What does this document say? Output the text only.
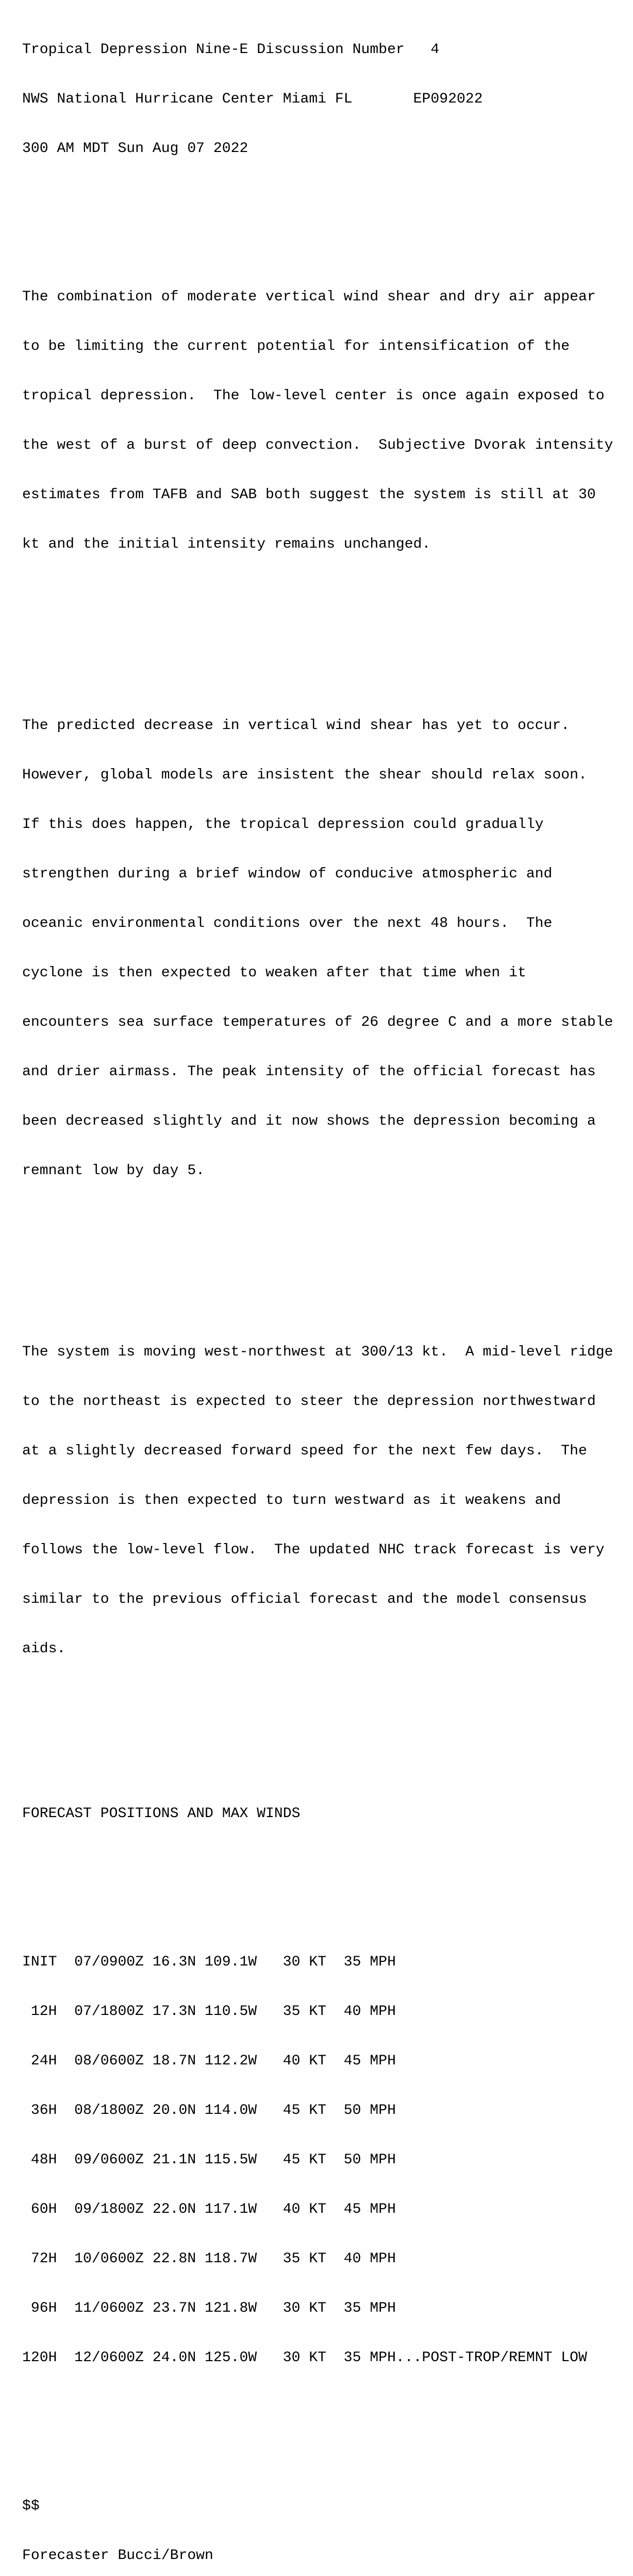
Tropical Depression Nine-E Discussion Number   4

NWS National Hurricane Center Miami FL       EP092022

300 AM MDT Sun Aug 07 2022

The combination of moderate vertical wind shear and dry air appear

to be limiting the current potential for intensification of the

tropical depression.  The low-level center is once again exposed to

the west of a burst of deep convection.  Subjective Dvorak intensity

estimates from TAFB and SAB both suggest the system is still at 30

kt and the initial intensity remains unchanged.

The predicted decrease in vertical wind shear has yet to occur.

However, global models are insistent the shear should relax soon.

If this does happen, the tropical depression could gradually

strengthen during a brief window of conducive atmospheric and

oceanic environmental conditions over the next 48 hours.  The

cyclone is then expected to weaken after that time when it

encounters sea surface temperatures of 26 degree C and a more stable

and drier airmass. The peak intensity of the official forecast has

been decreased slightly and it now shows the depression becoming a

remnant low by day 5.

The system is moving west-northwest at 300/13 kt.  A mid-level ridge

to the northeast is expected to steer the depression northwestward

at a slightly decreased forward speed for the next few days.  The

depression is then expected to turn westward as it weakens and

follows the low-level flow.  The updated NHC track forecast is very

similar to the previous official forecast and the model consensus

aids.

FORECAST POSITIONS AND MAX WINDS

INIT  07/0900Z 16.3N 109.1W   30 KT  35 MPH

12H  07/1800Z 17.3N 110.5W   35 KT  40 MPH

24H  08/0600Z 18.7N 112.2W   40 KT  45 MPH

36H  08/1800Z 20.0N 114.0W   45 KT  50 MPH

48H  09/0600Z 21.1N 115.5W   45 KT  50 MPH

60H  09/1800Z 22.0N 117.1W   40 KT  45 MPH

72H  10/0600Z 22.8N 118.7W   35 KT  40 MPH

96H  11/0600Z 23.7N 121.8W   30 KT  35 MPH

120H  12/0600Z 24.0N 125.0W   30 KT  35 MPH...POST-TROP/REMNT LOW

$$

Forecaster Bucci/Brown
